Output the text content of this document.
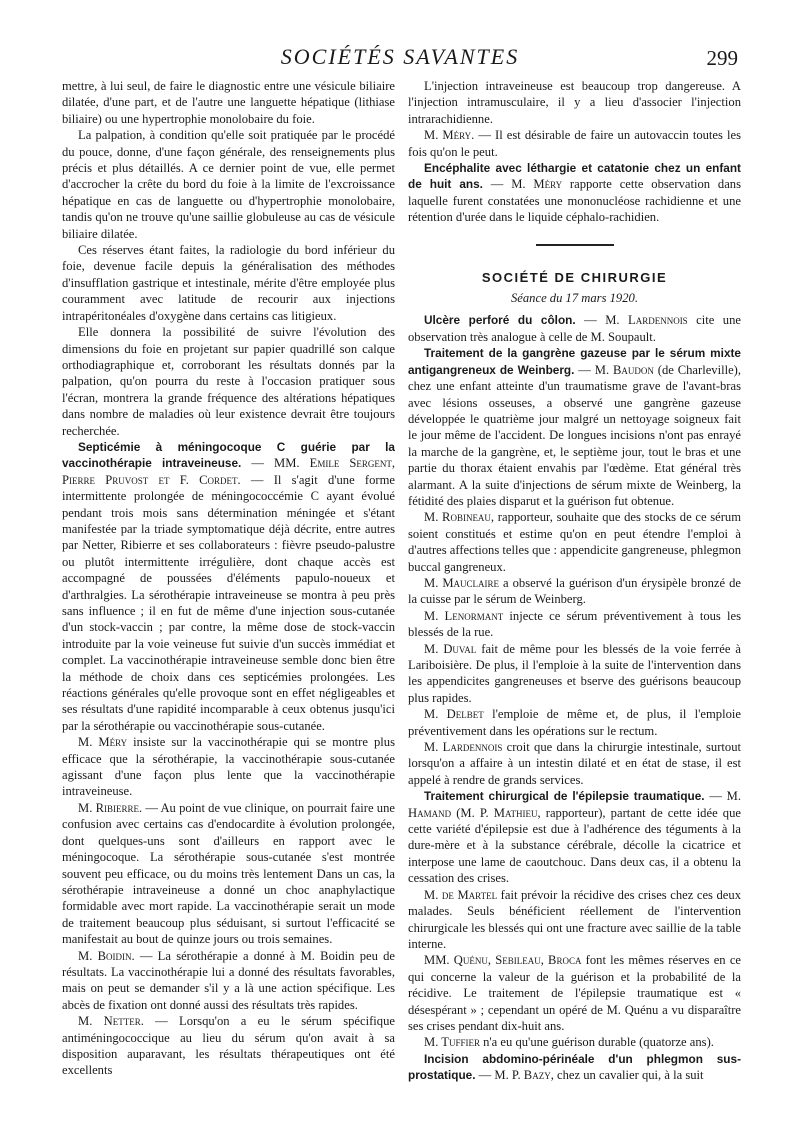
SOCIÉTÉS SAVANTES	299

mettre, à lui seul, de faire le diagnostic entre une vésicule biliaire dilatée, d'une part, et de l'autre une languette hépatique (lithiase biliaire) ou une hypertrophie monolobaire du foie.

La palpation, à condition qu'elle soit pratiquée par le procédé du pouce, donne, d'une façon générale, des renseignements plus précis et plus détaillés. A ce dernier point de vue, elle permet d'accrocher la crête du bord du foie à la limite de l'excroissance hépatique en cas de languette ou d'hypertrophie monolobaire, tandis qu'on ne trouve qu'une saillie globuleuse au cas de vésicule biliaire dilatée.

Ces réserves étant faites, la radiologie du bord inférieur du foie, devenue facile depuis la généralisation des méthodes d'insufflation gastrique et intestinale, mérite d'être employée plus couramment avec latitude de recourir aux injections intrapéritonéales d'oxygène dans certains cas litigieux.

Elle donnera la possibilité de suivre l'évolution des dimensions du foie en projetant sur papier quadrillé son calque orthodiagraphique et, corroborant les résultats donnés par la palpation, qu'on pourra du reste à l'occasion pratiquer sous l'écran, montrera la grande fréquence des altérations hépatiques dans nombre de maladies où leur existence devrait être toujours recherchée.

Septicémie à méningocoque C guérie par la vaccinothérapie intraveineuse. — MM. Emile Sergent, Pierre Pruvost et F. Cordet. — Il s'agit d'une forme intermittente prolongée de méningococcémie C ayant évolué pendant trois mois sans détermination méningée et s'étant manifestée par la triade symptomatique déjà décrite, entre autres par Netter, Ribierre et ses collaborateurs : fièvre pseudo-palustre ou plutôt intermittente irrégulière, dont chaque accès est accompagné de poussées d'éléments papulo-noueux et d'arthralgies. La sérothérapie intraveineuse se montra à peu près sans influence ; il en fut de même d'une injection sous-cutanée d'un stock-vaccin ; par contre, la même dose de stock-vaccin introduite par la voie veineuse fut suivie d'un succès immédiat et complet. La vaccinothérapie intraveineuse semble donc bien être la méthode de choix dans ces septicémies prolongées. Les réactions générales qu'elle provoque sont en effet négligeables et ses résultats d'une rapidité incomparable à ceux obtenus jusqu'ici par la sérothérapie ou vaccinothérapie sous-cutanée.

M. Méry insiste sur la vaccinothérapie qui se montre plus efficace que la sérothérapie, la vaccinothérapie sous-cutanée agissant d'une façon plus lente que la vaccinothérapie intraveineuse.

M. Ribierre. — Au point de vue clinique, on pourrait faire une confusion avec certains cas d'endocardite à évolution prolongée, dont quelques-uns sont d'ailleurs en rapport avec le méningocoque. La sérothérapie sous-cutanée s'est montrée souvent peu efficace, ou du moins très lentement Dans un cas, la sérothérapie intraveineuse a donné un choc anaphylactique formidable avec mort rapide. La vaccinothérapie serait un mode de traitement beaucoup plus séduisant, si surtout l'efficacité se manifestait au bout de quinze jours ou trois semaines.

M. Boidin. — La sérothérapie a donné à M. Boidin peu de résultats. La vaccinothérapie lui a donné des résultats favorables, mais on peut se demander s'il y a là une action spécifique. Les abcès de fixation ont donné aussi des résultats très rapides.

M. Netter. — Lorsqu'on a eu le sérum spécifique antiméningococcique au lieu du sérum qu'on avait à sa disposition auparavant, les résultats thérapeutiques ont été excellents

L'injection intraveineuse est beaucoup trop dangereuse. A l'injection intramusculaire, il y a lieu d'associer l'injection intrarachidienne.

M. Méry. — Il est désirable de faire un autovaccin toutes les fois qu'on le peut.

Encéphalite avec léthargie et catatonie chez un enfant de huit ans. — M. Méry rapporte cette observation dans laquelle furent constatées une mononucléose rachidienne et une rétention d'urée dans le liquide céphalo-rachidien.

SOCIÉTÉ DE CHIRURGIE
Séance du 17 mars 1920.

Ulcère perforé du côlon. — M. Lardennois cite une observation très analogue à celle de M. Soupault.

Traitement de la gangrène gazeuse par le sérum mixte antigangreneux de Weinberg. — M. Baudon (de Charleville), chez une enfant atteinte d'un traumatisme grave de l'avant-bras avec lésions osseuses, a observé une gangrène gazeuse développée le quatrième jour malgré un nettoyage soigneux fait le jour même de l'accident. De longues incisions n'ont pas enrayé la marche de la gangrène, et, le septième jour, tout le bras et une partie du thorax étaient envahis par l'œdème. Etat général très alarmant. A la suite d'injections de sérum mixte de Weinberg, la fétidité des plaies disparut et la guérison fut obtenue.

M. Robineau, rapporteur, souhaite que des stocks de ce sérum soient constitués et estime qu'on en peut étendre l'emploi à d'autres affections telles que : appendicite gangreneuse, phlegmon buccal gangreneux.

M. Mauclaire a observé la guérison d'un érysipèle bronzé de la cuisse par le sérum de Weinberg.

M. Lenormant injecte ce sérum préventivement à tous les blessés de la rue.

M. Duval fait de même pour les blessés de la voie ferrée à Lariboisière. De plus, il l'emploie à la suite de l'intervention dans les appendicites gangreneuses et bserve des guérisons beaucoup plus rapides.

M. Delbet l'emploie de même et, de plus, il l'emploie préventivement dans les opérations sur le rectum.

M. Lardennois croit que dans la chirurgie intestinale, surtout lorsqu'on a affaire à un intestin dilaté et en état de stase, il est appelé à rendre de grands services.

Traitement chirurgical de l'épilepsie traumatique. — M. Hamand (M. P. Mathieu, rapporteur), partant de cette idée que cette variété d'épilepsie est due à l'adhérence des téguments à la dure-mère et à la substance cérébrale, décolle la cicatrice et interpose une lame de caoutchouc. Dans deux cas, il a obtenu la cessation des crises.

M. de Martel fait prévoir la récidive des crises chez ces deux malades. Seuls bénéficient réellement de l'intervention chirurgicale les blessés qui ont une fracture avec saillie de la table interne.

MM. Quénu, Sebileau, Broca font les mêmes réserves en ce qui concerne la valeur de la guérison et la probabilité de la récidive. Le traitement de l'épilepsie traumatique est « désespérant » ; cependant un opéré de M. Quénu a vu disparaître ses crises pendant dix-huit ans.

M. Tuffier n'a eu qu'une guérison durable (quatorze ans).

Incision abdomino-périnéale d'un phlegmon sus-prostatique. — M. P. Bazy, chez un cavalier qui, à la suit
